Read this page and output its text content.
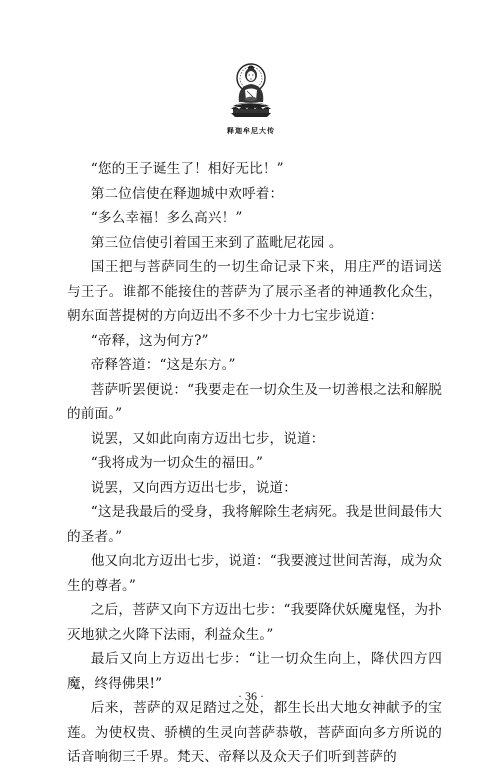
释迦牟尼大传

“您的王子诞生了！相好无比！”

第二位信使在释迦城中欢呼着：

“多么幸福！多么高兴！”

第三位信使引着国王来到了蓝毗尼花园 。

国王把与菩萨同生的一切生命记录下来，用庄严的语词送与王子。谁都不能接住的菩萨为了展示圣者的神通教化众生，朝东面菩提树的方向迈出不多不少十力七宝步说道：

“帝释，这为何方?”

帝释答道：“这是东方。”

菩萨听罢便说：“我要走在一切众生及一切善根之法和解脱的前面。”

说罢，又如此向南方迈出七步，说道：

“我将成为一切众生的福田。”

说罢，又向西方迈出七步，说道：

“这是我最后的受身，我将解除生老病死。我是世间最伟大的圣者。”

他又向北方迈出七步，说道：“我要渡过世间苦海，成为众生的尊者。”

之后，菩萨又向下方迈出七步：“我要降伏妖魔鬼怪，为扑灭地狱之火降下法雨，利益众生。”

最后又向上方迈出七步：“让一切众生向上，降伏四方四魔，终得佛果!”

后来，菩萨的双足踏过之处，都生长出大地女神献予的宝莲。为使权贵、骄横的生灵向菩萨恭敬，菩萨面向多方所说的话音响彻三千界。梵天、帝释以及众天子们听到菩萨的

· 36 ·
